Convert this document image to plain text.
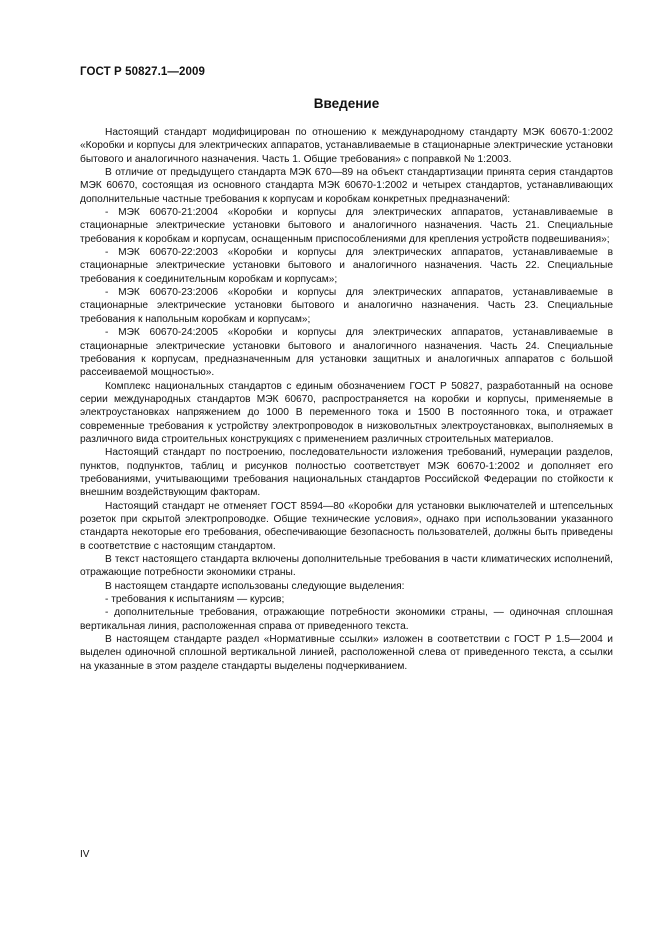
ГОСТ Р 50827.1—2009
Введение

Настоящий стандарт модифицирован по отношению к международному стандарту МЭК 60670-1:2002 «Коробки и корпусы для электрических аппаратов, устанавливаемые в стационарные электрические установки бытового и аналогичного назначения. Часть 1. Общие требования» с поправкой № 1:2003.

В отличие от предыдущего стандарта МЭК 670—89 на объект стандартизации принята серия стандартов МЭК 60670, состоящая из основного стандарта МЭК 60670-1:2002 и четырех стандартов, устанавливающих дополнительные частные требования к корпусам и коробкам конкретных предназначений:

- МЭК 60670-21:2004 «Коробки и корпусы для электрических аппаратов, устанавливаемые в стационарные электрические установки бытового и аналогичного назначения. Часть 21. Специальные требования к коробкам и корпусам, оснащенным приспособлениями для крепления устройств подвешивания»;

- МЭК 60670-22:2003 «Коробки и корпусы для электрических аппаратов, устанавливаемые в стационарные электрические установки бытового и аналогичного назначения. Часть 22. Специальные требования к соединительным коробкам и корпусам»;

- МЭК 60670-23:2006 «Коробки и корпусы для электрических аппаратов, устанавливаемые в стационарные электрические установки бытового и аналогично назначения. Часть 23. Специальные требования к напольным коробкам и корпусам»;

- МЭК 60670-24:2005 «Коробки и корпусы для электрических аппаратов, устанавливаемые в стационарные электрические установки бытового и аналогичного назначения. Часть 24. Специальные требования к корпусам, предназначенным для установки защитных и аналогичных аппаратов с большой рассеиваемой мощностью».

Комплекс национальных стандартов с единым обозначением ГОСТ Р 50827, разработанный на основе серии международных стандартов МЭК 60670, распространяется на коробки и корпусы, применяемые в электроустановках напряжением до 1000 В переменного тока и 1500 В постоянного тока, и отражает современные требования к устройству электропроводок в низковольтных электроустановках, выполняемых в различного вида строительных конструкциях с применением различных строительных материалов.

Настоящий стандарт по построению, последовательности изложения требований, нумерации разделов, пунктов, подпунктов, таблиц и рисунков полностью соответствует МЭК 60670-1:2002 и дополняет его требованиями, учитывающими требования национальных стандартов Российской Федерации по стойкости к внешним воздействующим факторам.

Настоящий стандарт не отменяет ГОСТ 8594—80 «Коробки для установки выключателей и штепсельных розеток при скрытой электропроводке. Общие технические условия», однако при использовании указанного стандарта некоторые его требования, обеспечивающие безопасность пользователей, должны быть приведены в соответствие с настоящим стандартом.

В текст настоящего стандарта включены дополнительные требования в части климатических исполнений, отражающие потребности экономики страны.

В настоящем стандарте использованы следующие выделения:

- требования к испытаниям — курсив;

- дополнительные требования, отражающие потребности экономики страны, — одиночная сплошная вертикальная линия, расположенная справа от приведенного текста.

В настоящем стандарте раздел «Нормативные ссылки» изложен в соответствии с ГОСТ Р 1.5—2004 и выделен одиночной сплошной вертикальной линией, расположенной слева от приведенного текста, а ссылки на указанные в этом разделе стандарты выделены подчеркиванием.

IV
